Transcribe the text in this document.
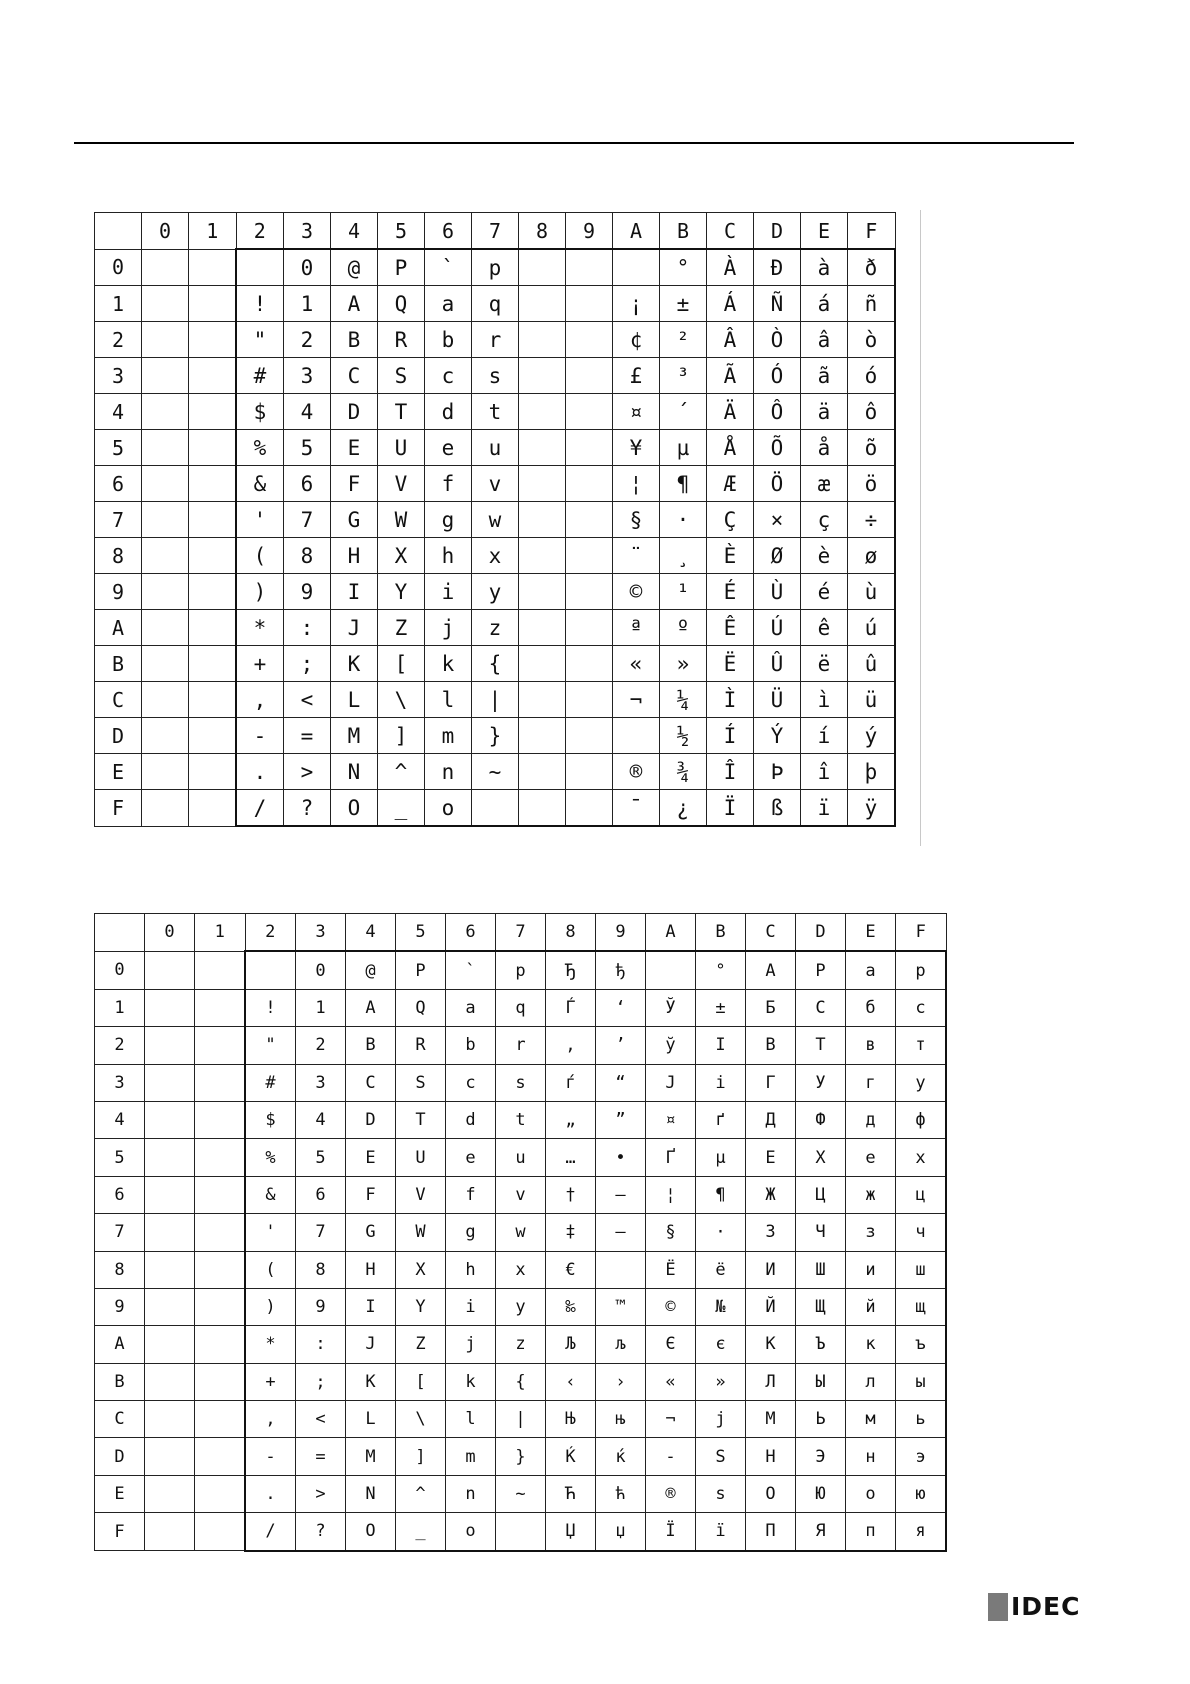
	0	1	2	3	4	5	6	7	8	9	A	B	C	D	E	F
0				0	@	P	`	p				°	À	Đ	à	ð
1			!	1	A	Q	a	q			¡	±	Á	Ñ	á	ñ
2			"	2	B	R	b	r			¢	²	Â	Ò	â	ò
3			#	3	C	S	c	s			£	³	Ã	Ó	ã	ó
4			$	4	D	T	d	t			¤	´	Ä	Ô	ä	ô
5			%	5	E	U	e	u			¥	µ	Å	Õ	å	õ
6			&	6	F	V	f	v			¦	¶	Æ	Ö	æ	ö
7			'	7	G	W	g	w			§	·	Ç	×	ç	÷
8			(	8	H	X	h	x			¨	¸	È	Ø	è	ø
9			)	9	I	Y	i	y			©	¹	É	Ù	é	ù
A			*	:	J	Z	j	z			ª	º	Ê	Ú	ê	ú
B			+	;	K	[	k	{			«	»	Ë	Û	ë	û
C			,	<	L	\	l	|			¬	¼	Ì	Ü	ì	ü
D			-	=	M	]	m	}				½	Í	Ý	í	ý
E			.	>	N	^	n	~			®	¾	Î	Þ	î	þ
F			/	?	O	_	o				¯	¿	Ï	ß	ï	ÿ
	0	1	2	3	4	5	6	7	8	9	A	B	C	D	E	F
0				0	@	P	`	p	Ђ	ђ		°	А	Р	а	р
1			!	1	A	Q	a	q	Ѓ	‘	Ў	±	Б	С	б	с
2			"	2	B	R	b	r	‚	’	ў	І	В	Т	в	т
3			#	3	C	S	c	s	ѓ	“	Ј	і	Г	У	г	у
4			$	4	D	T	d	t	„	”	¤	ґ	Д	Ф	д	ф
5			%	5	E	U	e	u	…	•	Ґ	µ	Е	Х	е	х
6			&	6	F	V	f	v	†	–	¦	¶	Ж	Ц	ж	ц
7			'	7	G	W	g	w	‡	—	§	·	З	Ч	з	ч
8			(	8	H	X	h	x	€		Ё	ё	И	Ш	и	ш
9			)	9	I	Y	i	y	‰	™	©	№	Й	Щ	й	щ
A			*	:	J	Z	j	z	Љ	љ	Є	є	К	Ъ	к	ъ
B			+	;	K	[	k	{	‹	›	«	»	Л	Ы	л	ы
C			,	<	L	\	l	|	Њ	њ	¬	ј	М	Ь	м	ь
D			-	=	M	]	m	}	Ќ	ќ	-	Ѕ	Н	Э	н	э
E			.	>	N	^	n	~	Ћ	ћ	®	ѕ	О	Ю	о	ю
F			/	?	O	_	o		Џ	џ	Ї	ї	П	Я	п	я
IDEC
